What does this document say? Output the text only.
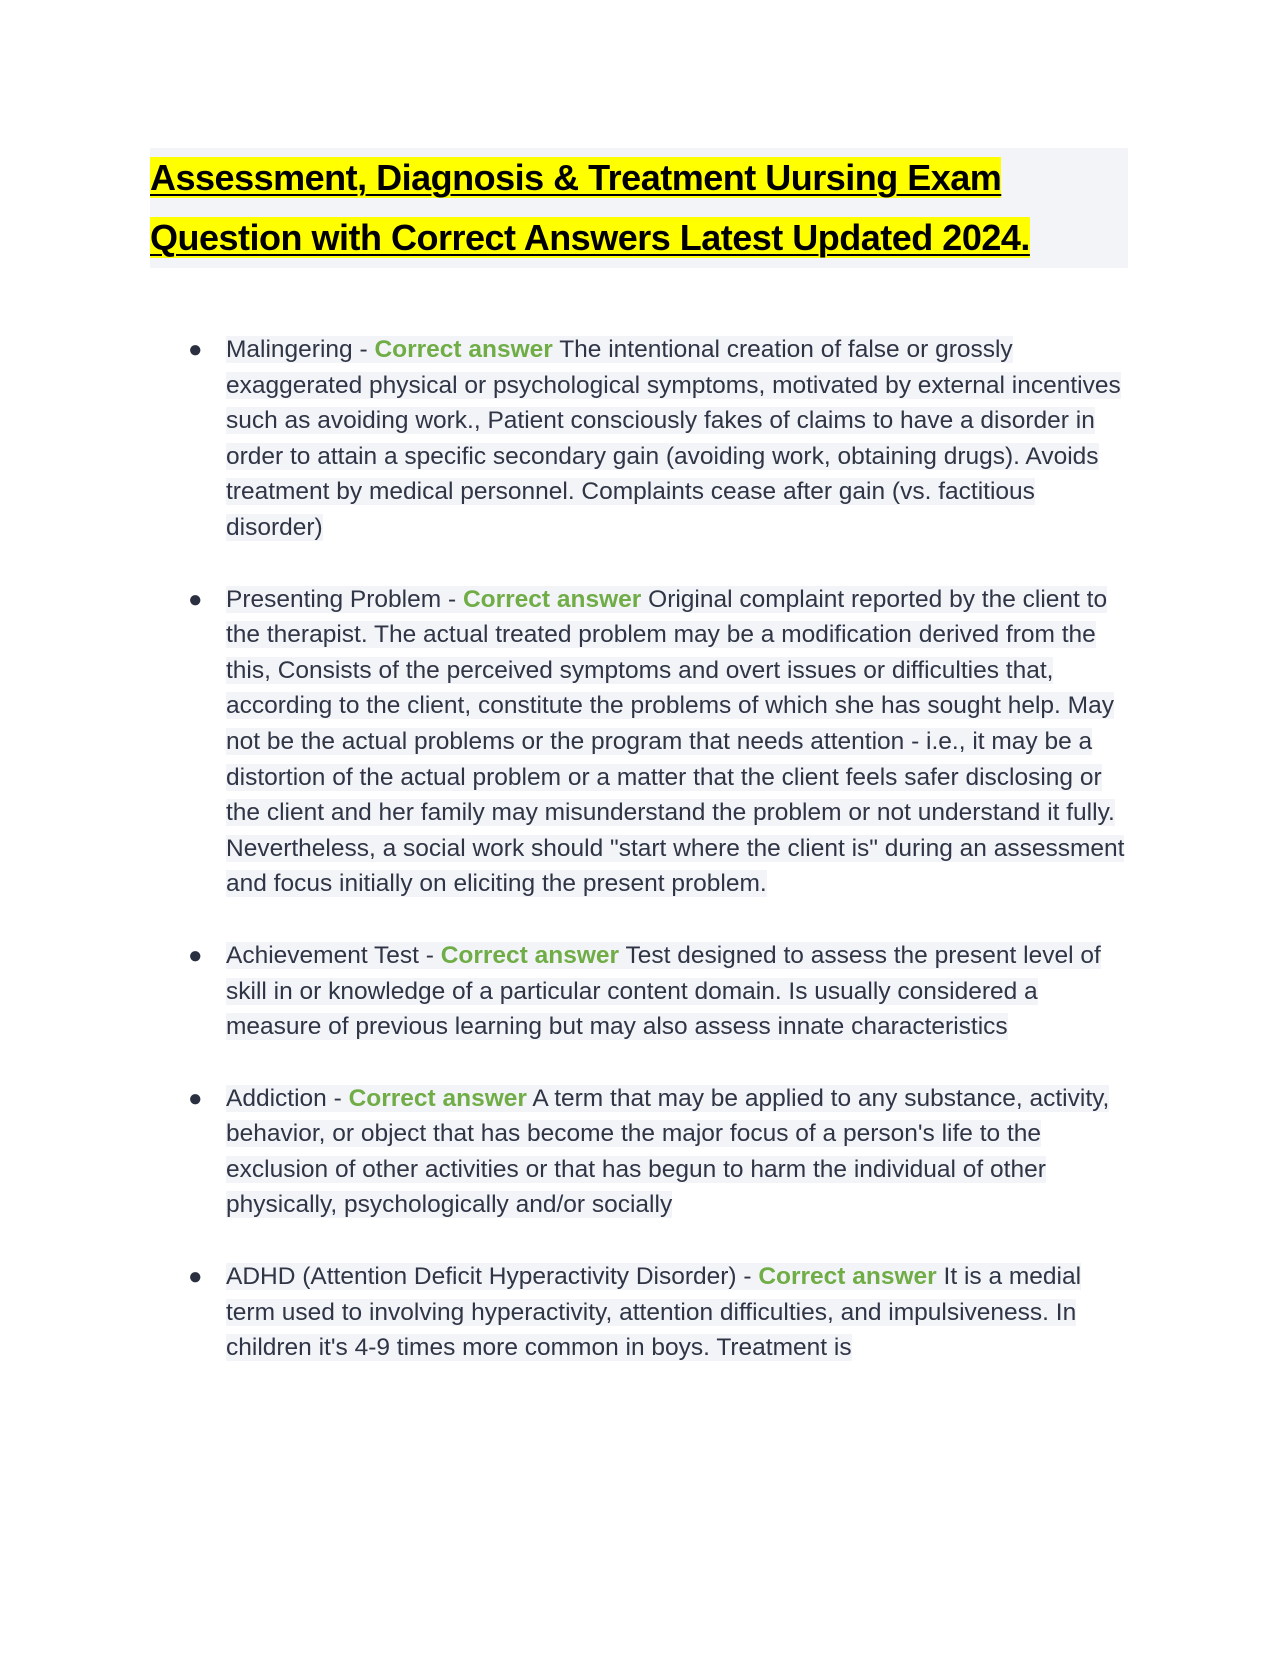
Assessment, Diagnosis & Treatment Uursing Exam
Question with Correct Answers Latest Updated 2024.
● Malingering - Correct answer The intentional creation of false or grossly exaggerated physical or psychological symptoms, motivated by external incentives such as avoiding work., Patient consciously fakes of claims to have a disorder in order to attain a specific secondary gain (avoiding work, obtaining drugs). Avoids treatment by medical personnel. Complaints cease after gain (vs. factitious disorder)
● Presenting Problem - Correct answer Original complaint reported by the client to the therapist. The actual treated problem may be a modification derived from the this, Consists of the perceived symptoms and overt issues or difficulties that, according to the client, constitute the problems of which she has sought help. May not be the actual problems or the program that needs attention - i.e., it may be a distortion of the actual problem or a matter that the client feels safer disclosing or the client and her family may misunderstand the problem or not understand it fully. Nevertheless, a social work should "start where the client is" during an assessment and focus initially on eliciting the present problem.
● Achievement Test - Correct answer Test designed to assess the present level of skill in or knowledge of a particular content domain. Is usually considered a measure of previous learning but may also assess innate characteristics
● Addiction - Correct answer A term that may be applied to any substance, activity, behavior, or object that has become the major focus of a person's life to the exclusion of other activities or that has begun to harm the individual of other physically, psychologically and/or socially
● ADHD (Attention Deficit Hyperactivity Disorder) - Correct answer It is a medial term used to involving hyperactivity, attention difficulties, and impulsiveness. In children it's 4-9 times more common in boys. Treatment is
